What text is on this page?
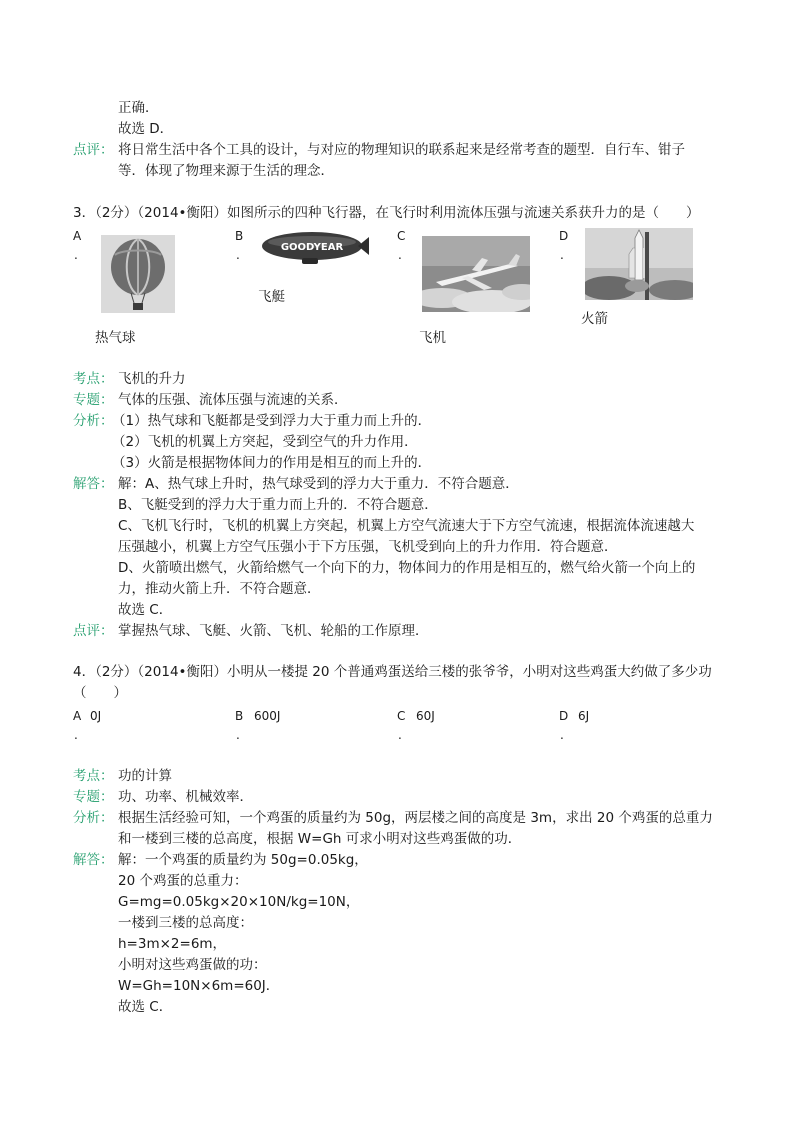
正确．
故选 D．
点评： 将日常生活中各个工具的设计，与对应的物理知识的联系起来是经常考查的题型．自行车、钳子
等．体现了物理来源于生活的理念．
3．（2分）（2014•衡阳）如图所示的四种飞行器，在飞行时利用流体压强与流速关系获升力的是（　　）
A
.
热气球
B
.
GOODYEAR
飞艇
C
.
飞机
D
.
火箭
考点： 飞机的升力
专题： 气体的压强、流体压强与流速的关系．
分析：
（1）热气球和飞艇都是受到浮力大于重力而上升的．
（2）飞机的机翼上方突起，受到空气的升力作用．
（3）火箭是根据物体间力的作用是相互的而上升的．
解答： 解：A、热气球上升时，热气球受到的浮力大于重力．不符合题意．
B、飞艇受到的浮力大于重力而上升的．不符合题意．
C、飞机飞行时，飞机的机翼上方突起，机翼上方空气流速大于下方空气流速，根据流体流速越大
压强越小，机翼上方空气压强小于下方压强，飞机受到向上的升力作用．符合题意．
D、火箭喷出燃气，火箭给燃气一个向下的力，物体间力的作用是相互的，燃气给火箭一个向上的
力，推动火箭上升．不符合题意．
故选 C．
点评： 掌握热气球、飞艇、火箭、飞机、轮船的工作原理．
4．（2分）（2014•衡阳）小明从一楼提 20 个普通鸡蛋送给三楼的张爷爷，小明对这些鸡蛋大约做了多少功
（　　）
A 0J
.
B 600J
.
C 60J
.
D 6J
.
考点： 功的计算
专题： 功、功率、机械效率．
分析： 根据生活经验可知，一个鸡蛋的质量约为 50g，两层楼之间的高度是 3m，求出 20 个鸡蛋的总重力
和一楼到三楼的总高度，根据 W=Gh 可求小明对这些鸡蛋做的功．
解答： 解：一个鸡蛋的质量约为 50g=0.05kg，
20 个鸡蛋的总重力：
G=mg=0.05kg×20×10N/kg=10N，
一楼到三楼的总高度：
h=3m×2=6m，
小明对这些鸡蛋做的功：
W=Gh=10N×6m=60J．
故选 C．
